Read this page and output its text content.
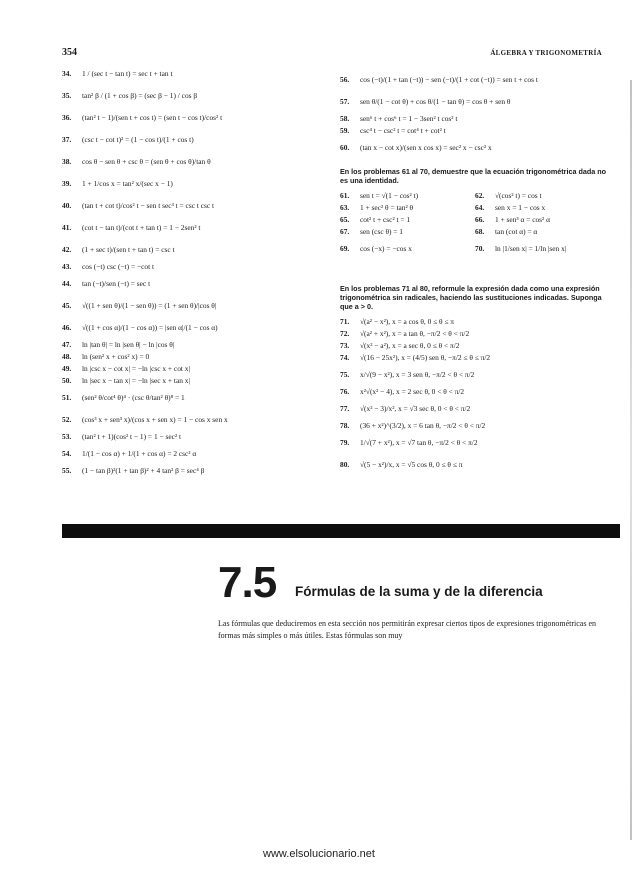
354	ÁLGEBRA Y TRIGONOMETRÍA
34.	1 / (sec t − tan t) = sec t + tan t
35.	tan² β / (1 + cos β) = (sec β − 1) / cos β
36.	(tan² t − 1)/(sen t + cos t) = (sen t − cos t)/cos² t
37.	(csc t − cot t)² = (1 − cos t)/(1 + cos t)
38.	cos θ − sen θ + csc θ = (sen θ + cos θ)/tan θ
39.	1 + 1/cos x = tan² x/(sec x − 1)
40.	(tan t + cot t)/cos² t − sen t sec³ t = csc t csc t
41.	(cot t − tan t)/(cot t + tan t) = 1 − 2sen² t
42.	(1 + sec t)/(sen t + tan t) = csc t
43.	cos (−t) csc (−t) = −cot t
44.	tan (−t)/sen (−t) = sec t
45.	√((1 + sen θ)/(1 − sen θ)) = (1 + sen θ)/|cos θ|
46.	√((1 + cos α)/(1 − cos α)) = |sen α|/(1 − cos α)
47.	ln |tan θ| = ln |sen θ| − ln |cos θ|
48.	ln (sen² x + cos² x) = 0
49.	ln |csc x − cot x| = −ln |csc x + cot x|
50.	ln |sec x − tan x| = −ln |sec x + tan x|
51.	(sen² θ/cot⁴ θ)⁴ · (csc θ/tan² θ)⁸ = 1
52.	(cos³ x + sen³ x)/(cos x + sen x) = 1 − cos x sen x
53.	(tan² t + 1)(cos² t − 1) = 1 − sec² t
54.	1/(1 − cos α) + 1/(1 + cos α) = 2 csc² α
55.	(1 − tan β)²(1 + tan β)² + 4 tan² β = sec⁴ β
56.	cos (−t)/(1 + tan (−t)) − sen (−t)/(1 + cot (−t)) = sen t + cos t
57.	sen θ/(1 − cot θ) + cos θ/(1 − tan θ) = cos θ + sen θ
58.	sen⁶ t + cos⁶ t = 1 − 3sen² t cos² t
59.	csc⁴ t − csc² t = cot⁴ t + cot² t
60.	(tan x − cot x)/(sen x cos x) = sec² x − csc² x
En los problemas 61 al 70, demuestre que la ecuación trigonométrica dada no es una identidad.
61.	sen t = √(1 − cos² t)	62.	√(cos² t) = cos t
63.	1 + sec² θ = tan² θ	64.	sen x = 1 − cos x
65.	cot² t + csc² t = 1	66.	1 + sen³ α = cos² α
67.	sen (csc θ) = 1	68.	tan (cot α) = α
69.	cos (−x) = −cos x	70.	ln |1/sen x| = 1/ln |sen x|
En los problemas 71 al 80, reformule la expresión dada como una expresión trigonométrica sin radicales, haciendo las sustituciones indicadas. Suponga que a > 0.
71.	√(a² − x²), x = a cos θ, 0 ≤ θ ≤ π
72.	√(a² + x²), x = a tan θ, −π/2 < θ < π/2
73.	√(x² − a²), x = a sec θ, 0 ≤ θ < π/2
74.	√(16 − 25x²), x = (4/5) sen θ, −π/2 ≤ θ ≤ π/2
75.	x/√(9 − x²), x = 3 sen θ, −π/2 < θ < π/2
76.	x²√(x² − 4), x = 2 sec θ, 0 < θ < π/2
77.	√(x² − 3)/x², x = √3 sec θ, 0 < θ < π/2
78.	(36 + x²)^(3/2), x = 6 tan θ, −π/2 < θ < π/2
79.	1/√(7 + x²), x = √7 tan θ, −π/2 < θ < π/2
80.	√(5 − x²)/x, x = √5 cos θ, 0 ≤ θ ≤ π
7.5 Fórmulas de la suma y de la diferencia
Las fórmulas que deduciremos en esta sección nos permitirán expresar ciertos tipos de expresiones trigonométricas en formas más simples o más útiles. Estas fórmulas son muy
www.elsolucionario.net
